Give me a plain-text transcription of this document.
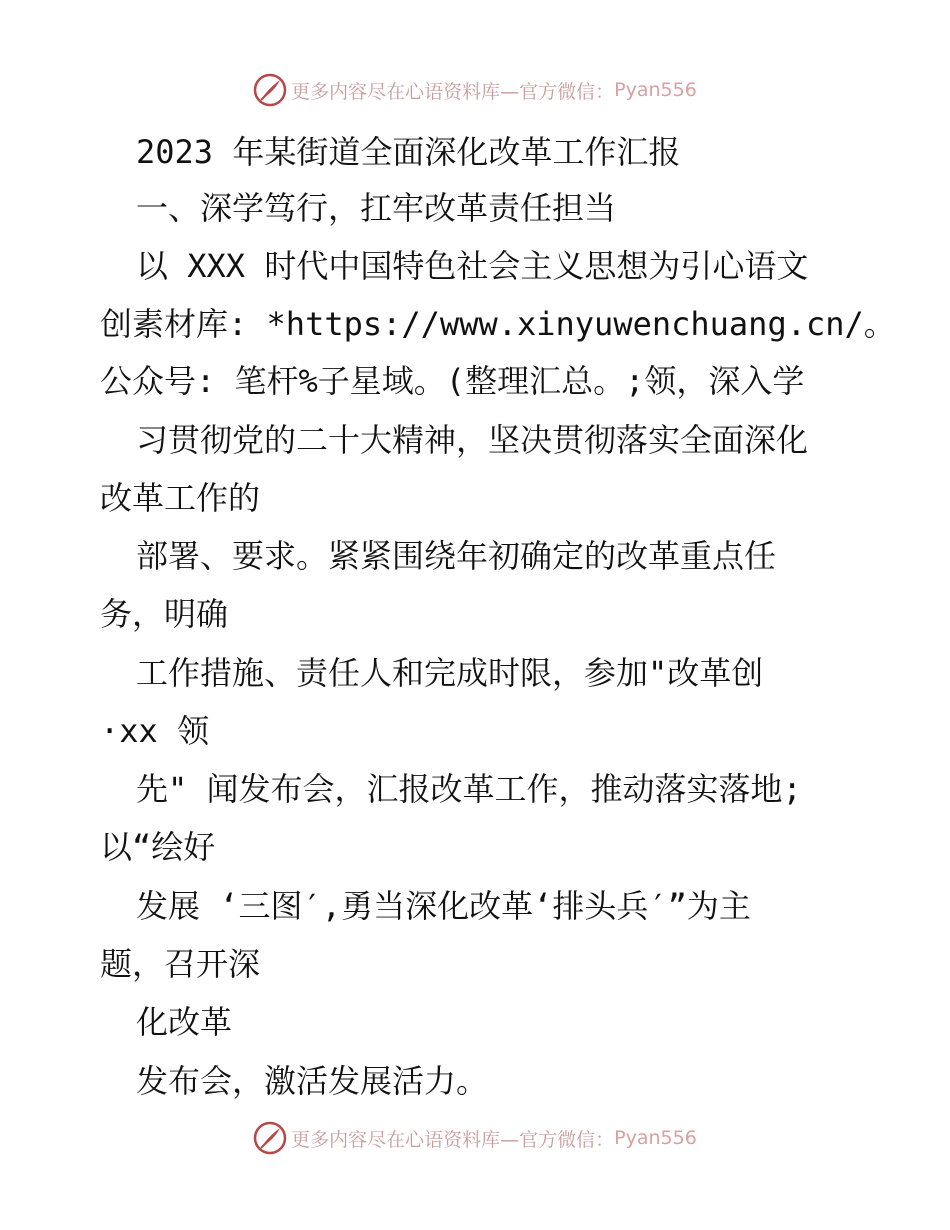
更多内容尽在心语资料库—官方微信： Pyan556
2023 年某街道全面深化改革工作汇报
一、深学笃行，扛牢改革责任担当
以 XXX 时代中国特色社会主义思想为引心语文
创素材库: *https://www.xinyuwenchuang.cn/。
公众号: 笔杆%子星域。(整理汇总。;领，深入学
习贯彻党的二十大精神，坚决贯彻落实全面深化
改革工作的
部署、要求。紧紧围绕年初确定的改革重点任
务，明确
工作措施、责任人和完成时限，参加"改革创
·xx 领
先" 闻发布会，汇报改革工作，推动落实落地;
以“绘好
发展 ‘三图′,勇当深化改革‘排头兵′”为主
题，召开深
化改革
发布会，激活发展活力。
更多内容尽在心语资料库—官方微信： Pyan556
